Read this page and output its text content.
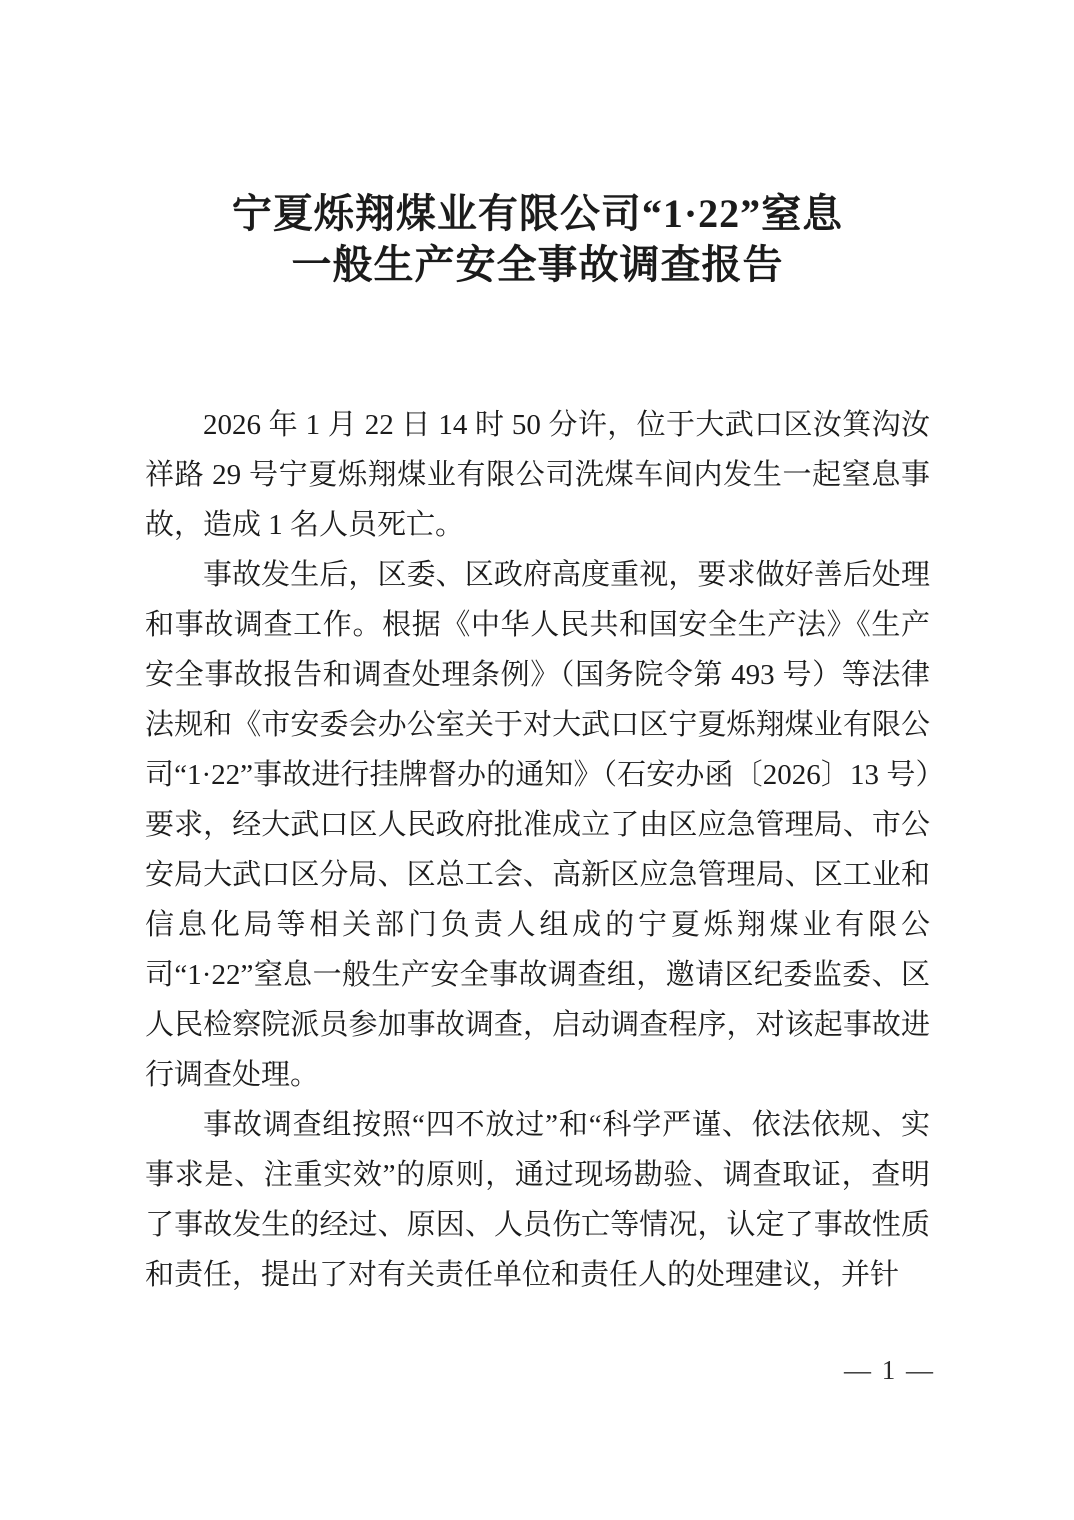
宁夏烁翔煤业有限公司“1·22”窒息
一般生产安全事故调查报告

2026 年 1 月 22 日 14 时 50 分许，位于大武口区汝箕沟汝祥路 29 号宁夏烁翔煤业有限公司洗煤车间内发生一起窒息事故，造成 1 名人员死亡。

事故发生后，区委、区政府高度重视，要求做好善后处理和事故调查工作。根据《中华人民共和国安全生产法》《生产安全事故报告和调查处理条例》（国务院令第 493 号）等法律法规和《市安委会办公室关于对大武口区宁夏烁翔煤业有限公司“1·22”事故进行挂牌督办的通知》（石安办函〔2026〕13 号）要求，经大武口区人民政府批准成立了由区应急管理局、市公安局大武口区分局、区总工会、高新区应急管理局、区工业和信息化局等相关部门负责人组成的宁夏烁翔煤业有限公司“1·22”窒息一般生产安全事故调查组，邀请区纪委监委、区人民检察院派员参加事故调查，启动调查程序，对该起事故进行调查处理。

事故调查组按照“四不放过”和“科学严谨、依法依规、实事求是、注重实效”的原则，通过现场勘验、调查取证，查明了事故发生的经过、原因、人员伤亡等情况，认定了事故性质和责任，提出了对有关责任单位和责任人的处理建议，并针

— 1 —
